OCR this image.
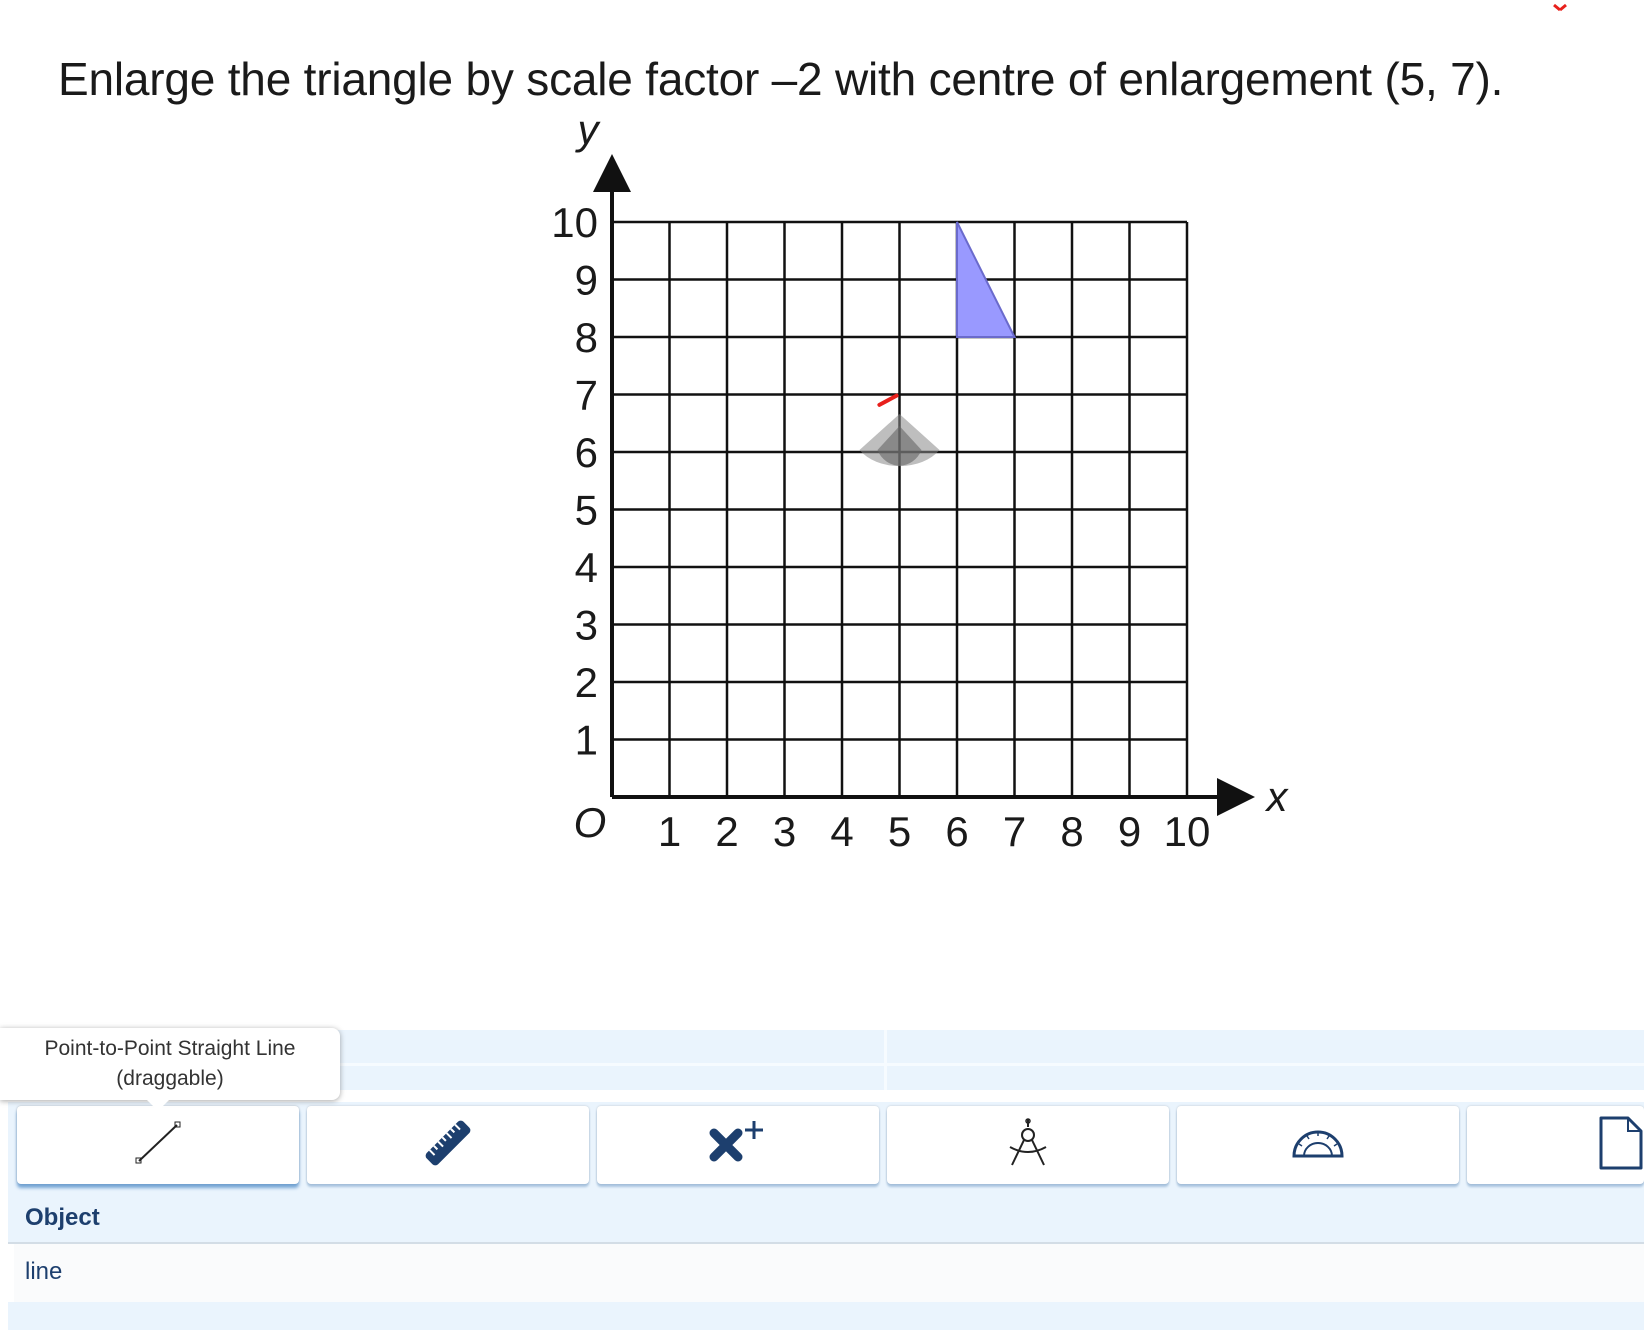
Enlarge the triangle by scale factor –2 with centre of enlargement (5, 7).
1 2 3 4 5 6 7 8 9 10
1
2
3
4
5
6
7
8
9
10
O
x
y
Point-to-Point Straight Line
(draggable)
Object
line
